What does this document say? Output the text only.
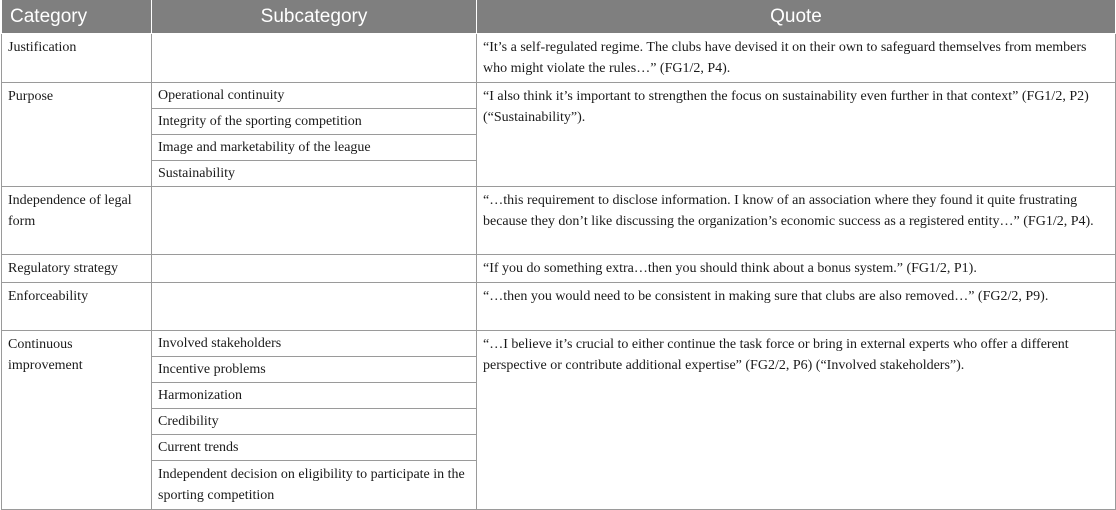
Category	Subcategory	Quote
Justification		“It’s a self-regulated regime. The clubs have devised it on their own to safeguard themselves from members who might violate the rules…” (FG1/2, P4).
Purpose	Operational continuity	“I also think it’s important to strengthen the focus on sustainability even further in that context” (FG1/2, P2) (“Sustainability”).
	Integrity of the sporting competition	
	Image and marketability of the league	
	Sustainability	
Independence of legal form		“…this requirement to disclose information. I know of an association where they found it quite frustrating because they don’t like discussing the organization’s economic success as a registered entity…” (FG1/2, P4).
Regulatory strategy		“If you do something extra…then you should think about a bonus system.” (FG1/2, P1).
Enforceability		“…then you would need to be consistent in making sure that clubs are also removed…” (FG2/2, P9).
Continuous improvement	Involved stakeholders	“…I believe it’s crucial to either continue the task force or bring in external experts who offer a different perspective or contribute additional expertise” (FG2/2, P6) (“Involved stakeholders”).
	Incentive problems	
	Harmonization	
	Credibility	
	Current trends	
	Independent decision on eligibility to participate in the sporting competition	
